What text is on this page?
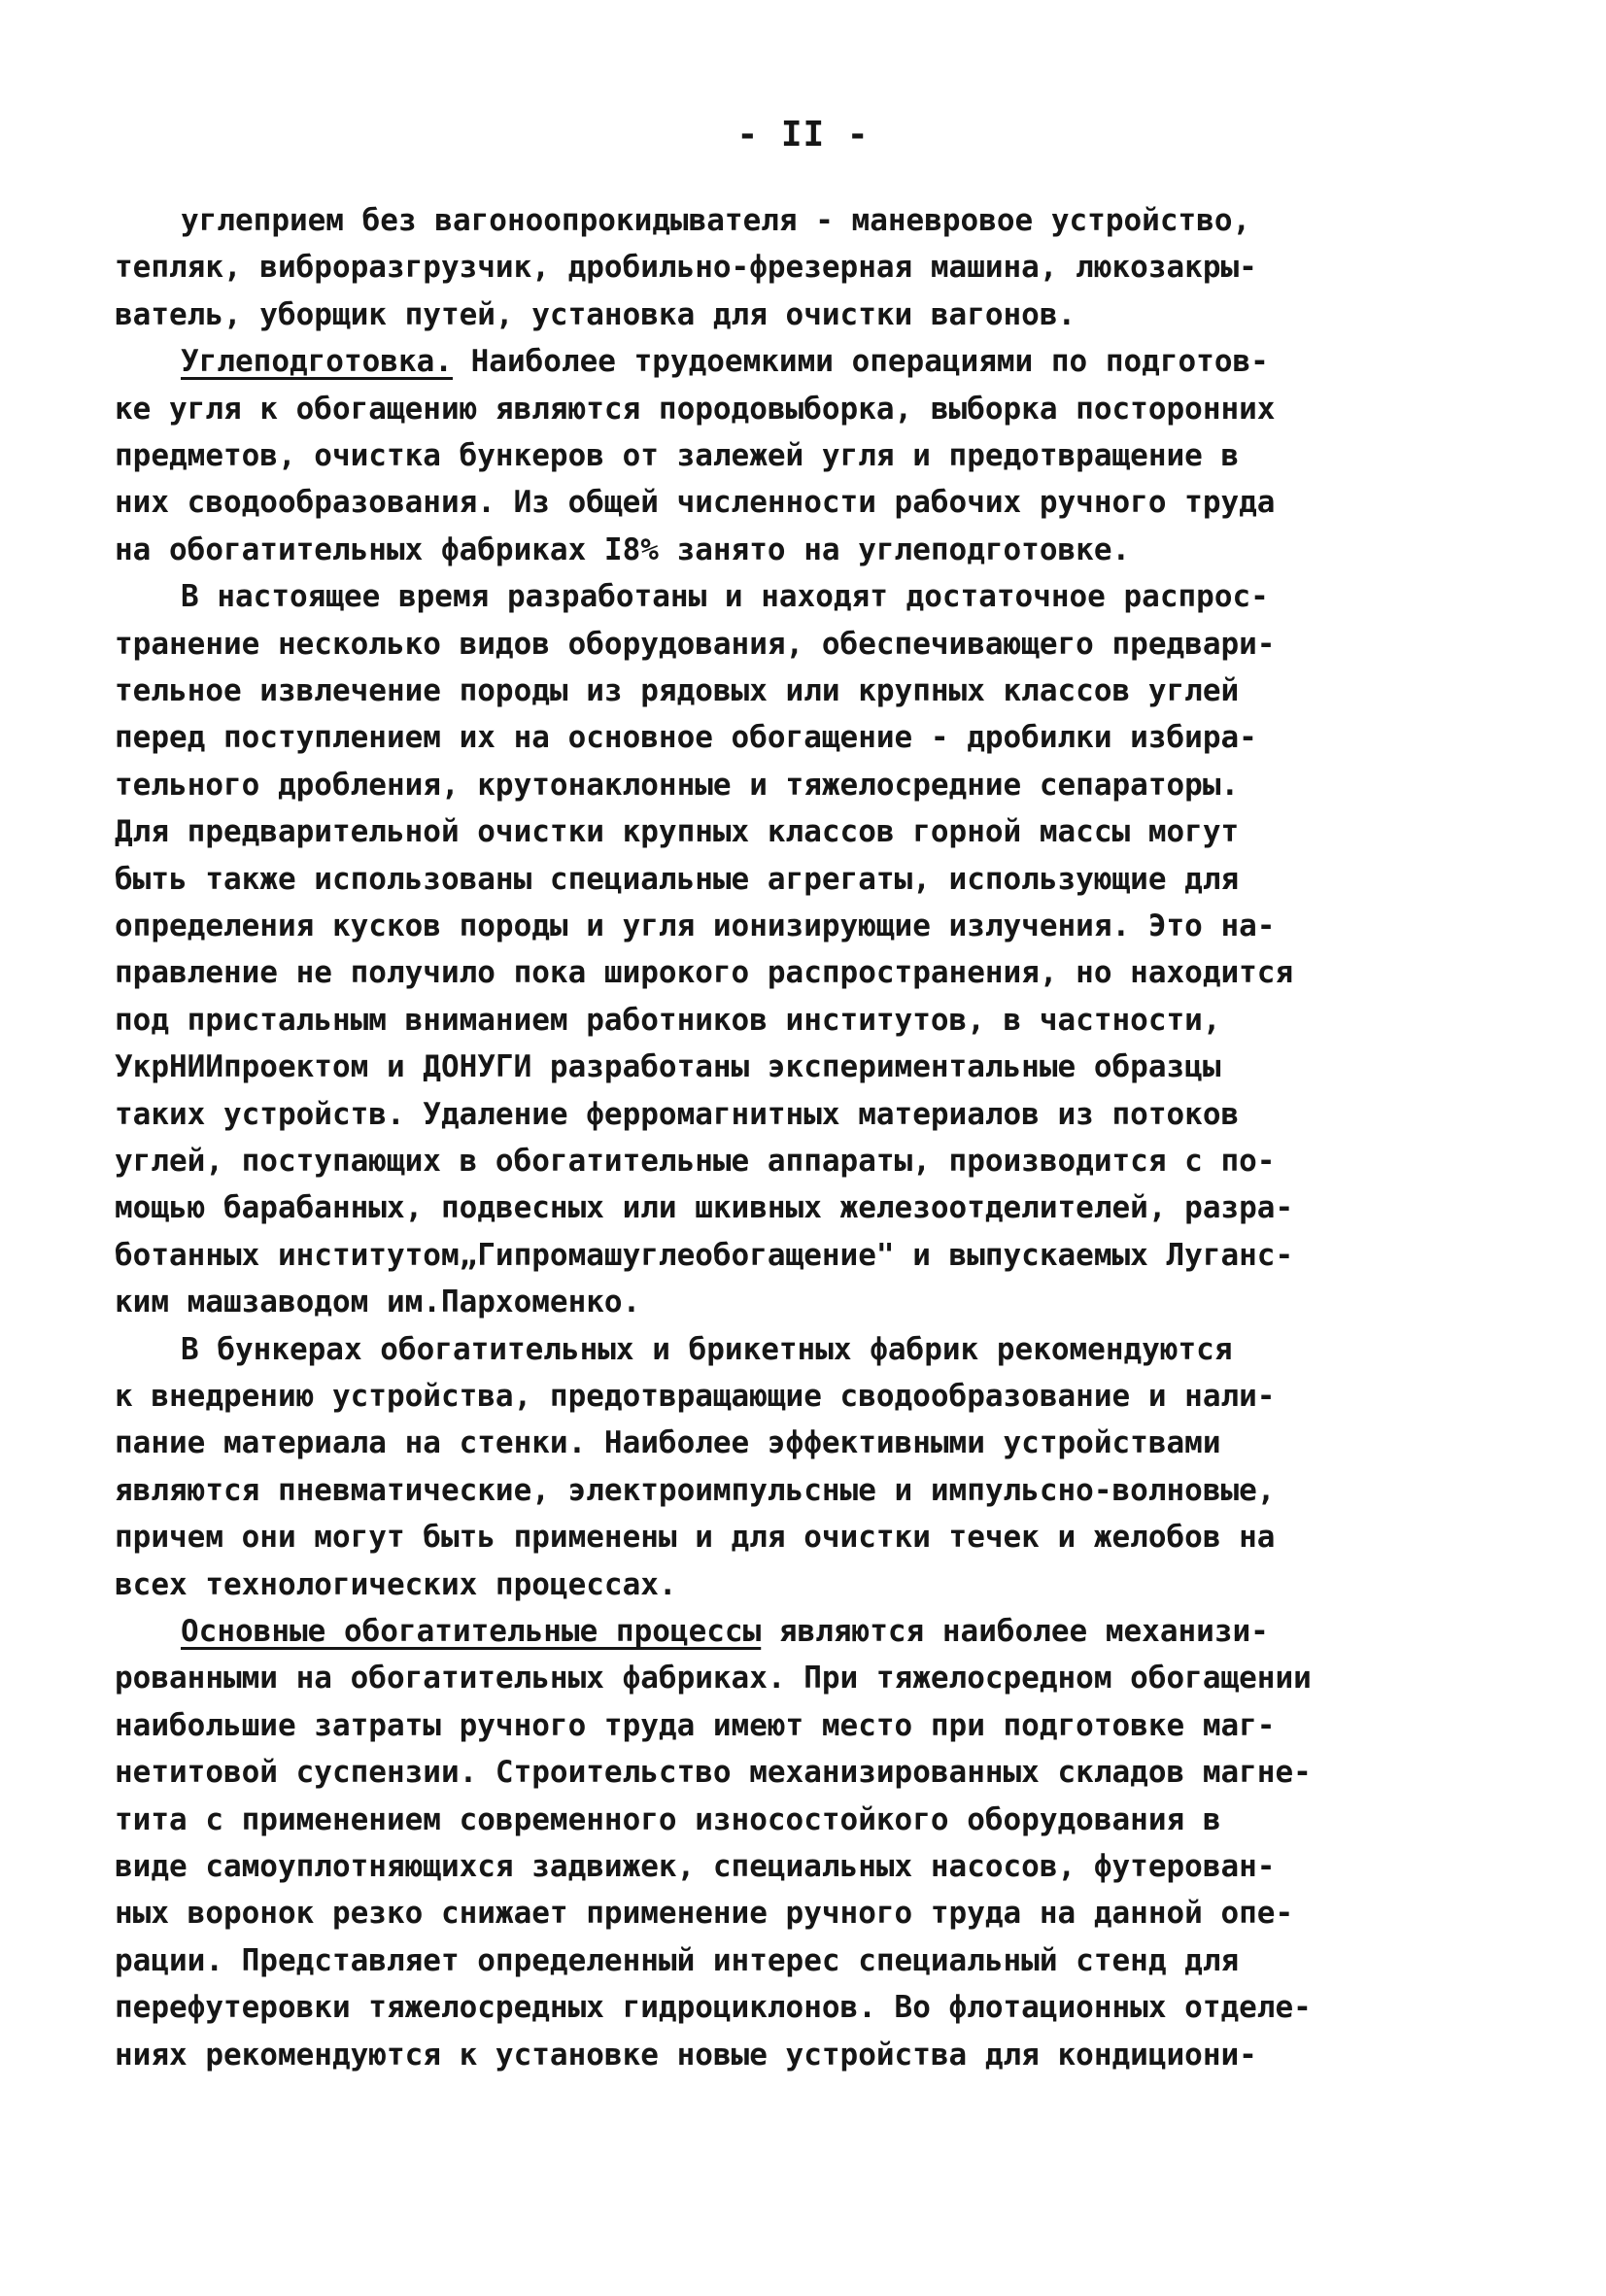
- II -
углеприем без вагоноопрокидывателя - маневровое устройство,
тепляк, виброразгрузчик, дробильно-фрезерная машина, люкозакры-
ватель, уборщик путей, установка для очистки вагонов.
Углеподготовка. Наиболее трудоемкими операциями по подготов-
ке угля к обогащению являются породовыборка, выборка посторонних
предметов, очистка бункеров от залежей угля и предотвращение в
них сводообразования. Из общей численности рабочих ручного труда
на обогатительных фабриках I8% занято на углеподготовке.
В настоящее время разработаны и находят достаточное распрос-
транение несколько видов оборудования, обеспечивающего предвари-
тельное извлечение породы из рядовых или крупных классов углей
перед поступлением их на основное обогащение - дробилки избира-
тельного дробления, крутонаклонные и тяжелосредние сепараторы.
Для предварительной очистки крупных классов горной массы могут
быть также использованы специальные агрегаты, использующие для
определения кусков породы и угля ионизирующие излучения. Это на-
правление не получило пока широкого распространения, но находится
под пристальным вниманием работников институтов, в частности,
УкрНИИпроектом и ДОНУГИ разработаны экспериментальные образцы
таких устройств. Удаление ферромагнитных материалов из потоков
углей, поступающих в обогатительные аппараты, производится с по-
мощью барабанных, подвесных или шкивных железоотделителей, разра-
ботанных институтом„Гипромашуглеобогащение" и выпускаемых Луганс-
ким машзаводом им.Пархоменко.
В бункерах обогатительных и брикетных фабрик рекомендуются
к внедрению устройства, предотвращающие сводообразование и нали-
пание материала на стенки. Наиболее эффективными устройствами
являются пневматические, электроимпульсные и импульсно-волновые,
причем они могут быть применены и для очистки течек и желобов на
всех технологических процессах.
Основные обогатительные процессы являются наиболее механизи-
рованными на обогатительных фабриках. При тяжелосредном обогащении
наибольшие затраты ручного труда имеют место при подготовке маг-
нетитовой суспензии. Строительство механизированных складов магне-
тита с применением современного износостойкого оборудования в
виде самоуплотняющихся задвижек, специальных насосов, футерован-
ных воронок резко снижает применение ручного труда на данной опе-
рации. Представляет определенный интерес специальный стенд для
перефутеровки тяжелосредных гидроциклонов. Во флотационных отделе-
ниях рекомендуются к установке новые устройства для кондициони-
